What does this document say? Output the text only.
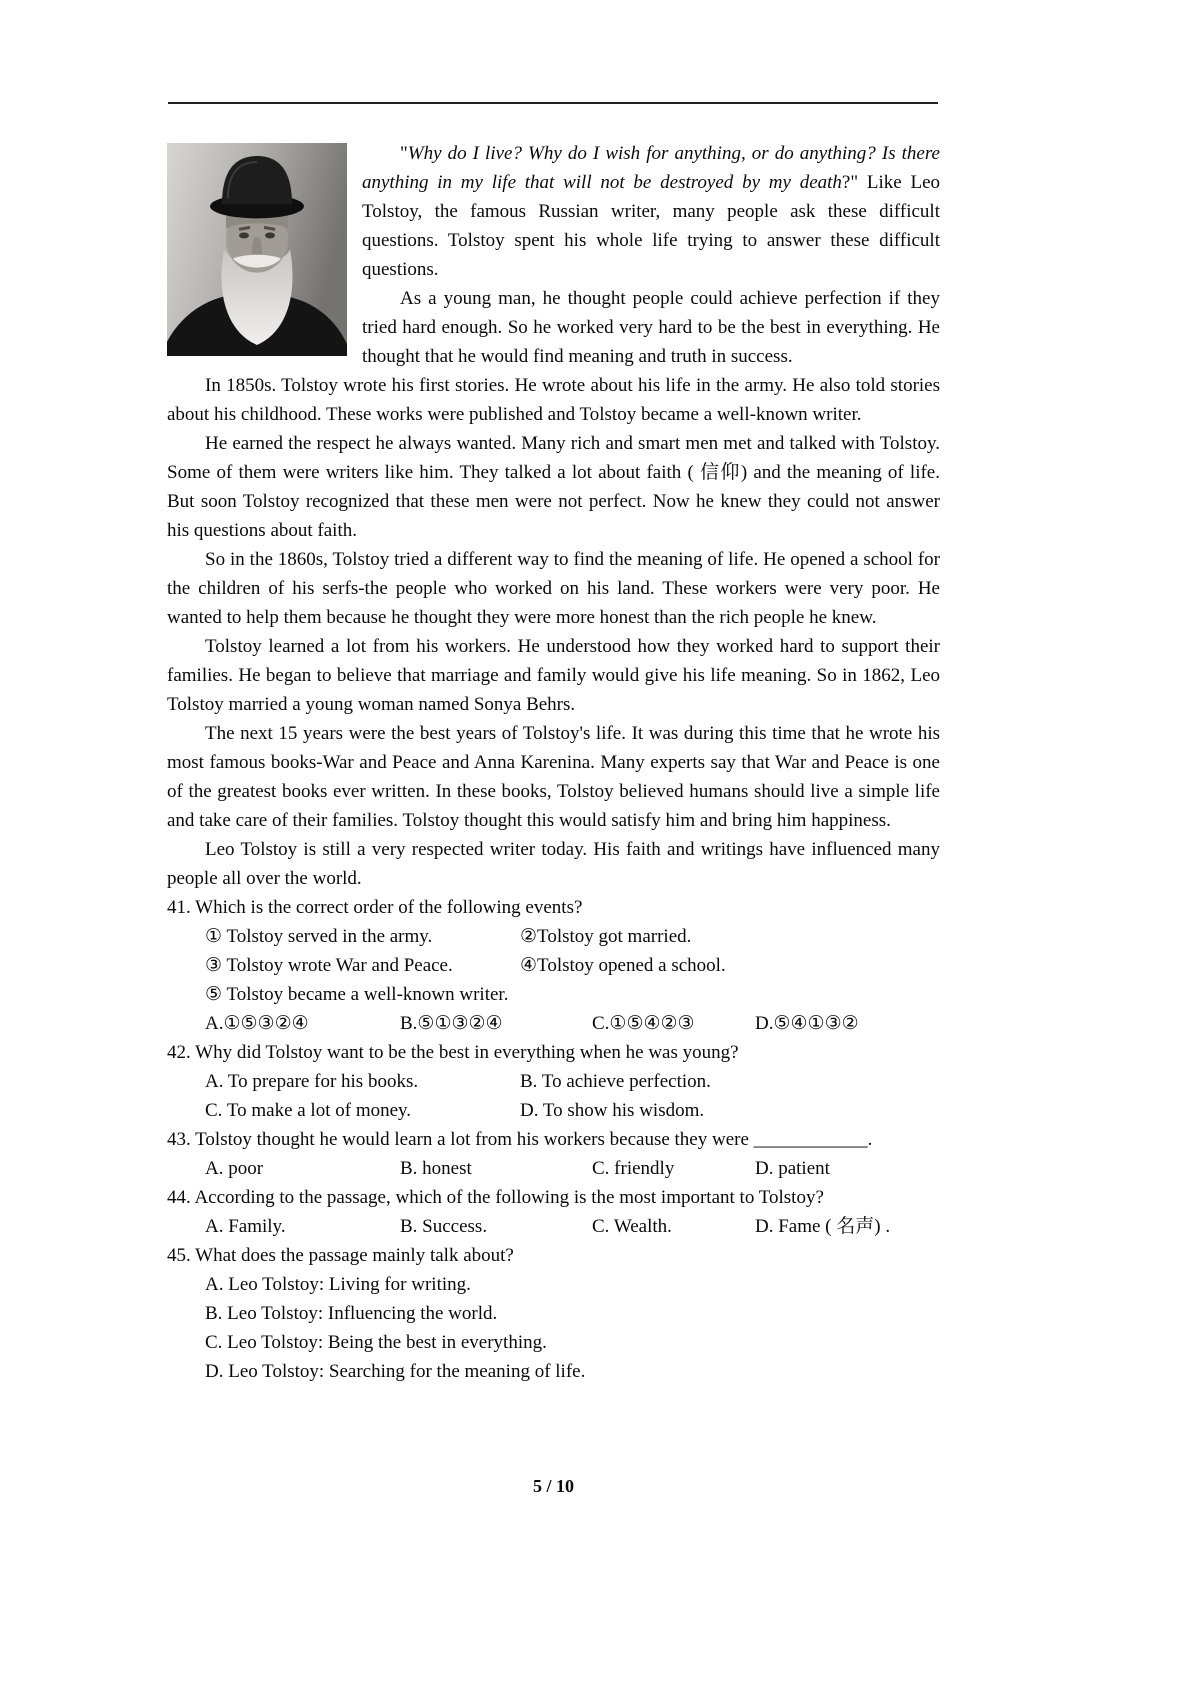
"Why do I live? Why do I wish for anything, or do anything? Is there anything in my life that will not be destroyed by my death?" Like Leo Tolstoy, the famous Russian writer, many people ask these difficult questions. Tolstoy spent his whole life trying to answer these difficult questions.

As a young man, he thought people could achieve perfection if they tried hard enough. So he worked very hard to be the best in everything. He thought that he would find meaning and truth in success.

In 1850s. Tolstoy wrote his first stories. He wrote about his life in the army. He also told stories about his childhood. These works were published and Tolstoy became a well-known writer.

He earned the respect he always wanted. Many rich and smart men met and talked with Tolstoy. Some of them were writers like him. They talked a lot about faith ( 信仰) and the meaning of life. But soon Tolstoy recognized that these men were not perfect. Now he knew they could not answer his questions about faith.

So in the 1860s, Tolstoy tried a different way to find the meaning of life. He opened a school for the children of his serfs-the people who worked on his land. These workers were very poor. He wanted to help them because he thought they were more honest than the rich people he knew.

Tolstoy learned a lot from his workers. He understood how they worked hard to support their families. He began to believe that marriage and family would give his life meaning. So in 1862, Leo Tolstoy married a young woman named Sonya Behrs.

The next 15 years were the best years of Tolstoy's life. It was during this time that he wrote his most famous books-War and Peace and Anna Karenina. Many experts say that War and Peace is one of the greatest books ever written. In these books, Tolstoy believed humans should live a simple life and take care of their families. Tolstoy thought this would satisfy him and bring him happiness.

Leo Tolstoy is still a very respected writer today. His faith and writings have influenced many people all over the world.

41. Which is the correct order of the following events?

① Tolstoy served in the army.	②Tolstoy got married.
③ Tolstoy wrote War and Peace.	④Tolstoy opened a school.
⑤ Tolstoy became a well-known writer.
A.①⑤③②④	B.⑤①③②④	C.①⑤④②③	D.⑤④①③②

42. Why did Tolstoy want to be the best in everything when he was young?

A. To prepare for his books.	B. To achieve perfection.
C. To make a lot of money.	D. To show his wisdom.

43. Tolstoy thought he would learn a lot from his workers because they were ____________.

A. poor	B. honest	C. friendly	D. patient

44. According to the passage, which of the following is the most important to Tolstoy?

A. Family.	B. Success.	C. Wealth.	D. Fame ( 名声) .

45. What does the passage mainly talk about?

A. Leo Tolstoy: Living for writing.
B. Leo Tolstoy: Influencing the world.
C. Leo Tolstoy: Being the best in everything.
D. Leo Tolstoy: Searching for the meaning of life.
5 / 10
